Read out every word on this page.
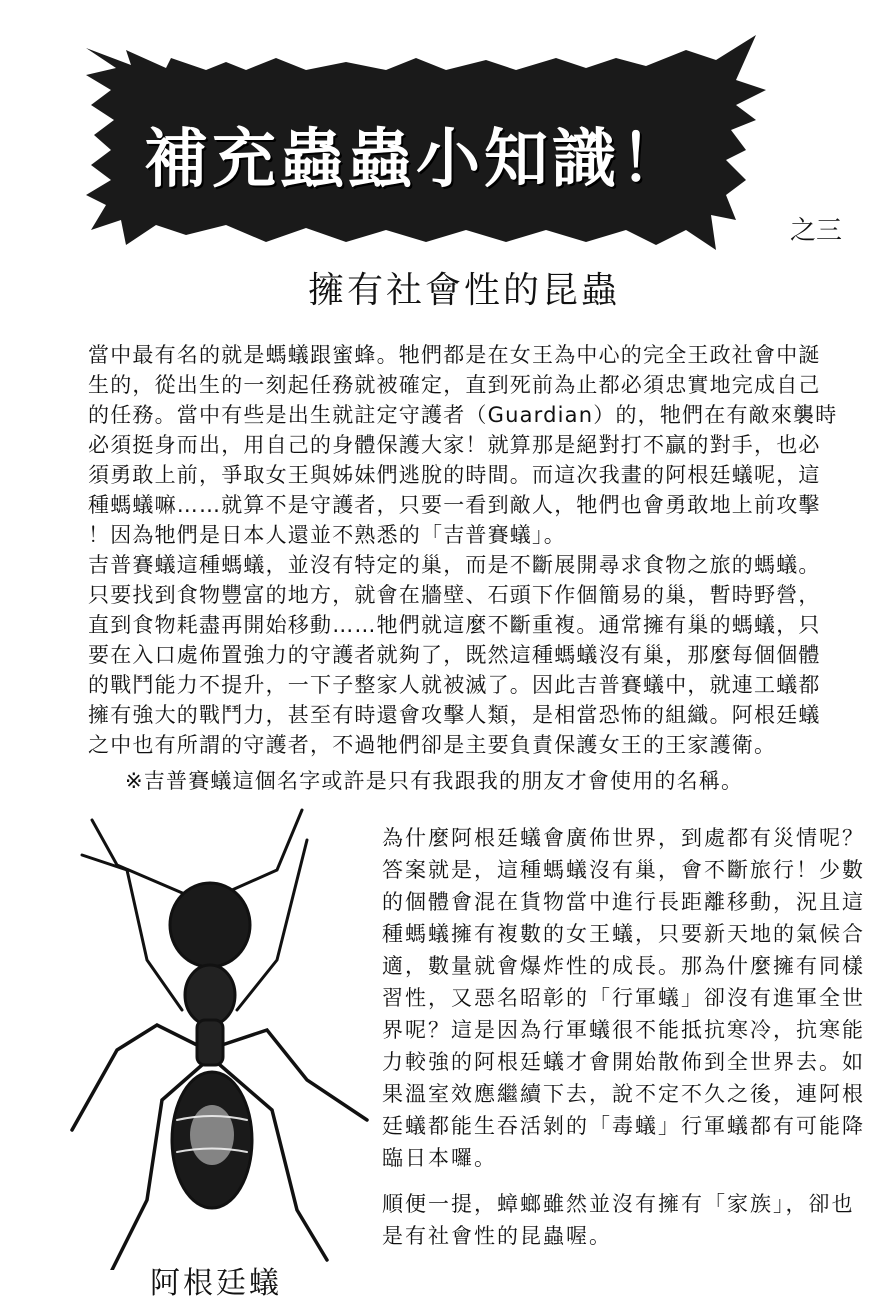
補充蟲蟲小知識！
之三
擁有社會性的昆蟲
當中最有名的就是螞蟻跟蜜蜂。牠們都是在女王為中心的完全王政社會中誕
生的，從出生的一刻起任務就被確定，直到死前為止都必須忠實地完成自己
的任務。當中有些是出生就註定守護者（Guardian）的，牠們在有敵來襲時
必須挺身而出，用自己的身體保護大家！就算那是絕對打不贏的對手，也必
須勇敢上前，爭取女王與姊妹們逃脫的時間。而這次我畫的阿根廷蟻呢，這
種螞蟻嘛……就算不是守護者，只要一看到敵人，牠們也會勇敢地上前攻擊
！因為牠們是日本人還並不熟悉的「吉普賽蟻」。
吉普賽蟻這種螞蟻，並沒有特定的巢，而是不斷展開尋求食物之旅的螞蟻。
只要找到食物豐富的地方，就會在牆壁、石頭下作個簡易的巢，暫時野營，
直到食物耗盡再開始移動……牠們就這麼不斷重複。通常擁有巢的螞蟻，只
要在入口處佈置強力的守護者就夠了，既然這種螞蟻沒有巢，那麼每個個體
的戰鬥能力不提升，一下子整家人就被滅了。因此吉普賽蟻中，就連工蟻都
擁有強大的戰鬥力，甚至有時還會攻擊人類，是相當恐怖的組織。阿根廷蟻
之中也有所謂的守護者，不過牠們卻是主要負責保護女王的王家護衛。
※吉普賽蟻這個名字或許是只有我跟我的朋友才會使用的名稱。
阿根廷蟻
為什麼阿根廷蟻會廣佈世界，到處都有災情呢？
答案就是，這種螞蟻沒有巢，會不斷旅行！少數
的個體會混在貨物當中進行長距離移動，況且這
種螞蟻擁有複數的女王蟻，只要新天地的氣候合
適，數量就會爆炸性的成長。那為什麼擁有同樣
習性，又惡名昭彰的「行軍蟻」卻沒有進軍全世
界呢？這是因為行軍蟻很不能抵抗寒冷，抗寒能
力較強的阿根廷蟻才會開始散佈到全世界去。如
果溫室效應繼續下去，說不定不久之後，連阿根
廷蟻都能生吞活剝的「毒蟻」行軍蟻都有可能降
臨日本囉。
順便一提，蟑螂雖然並沒有擁有「家族」，卻也
是有社會性的昆蟲喔。
